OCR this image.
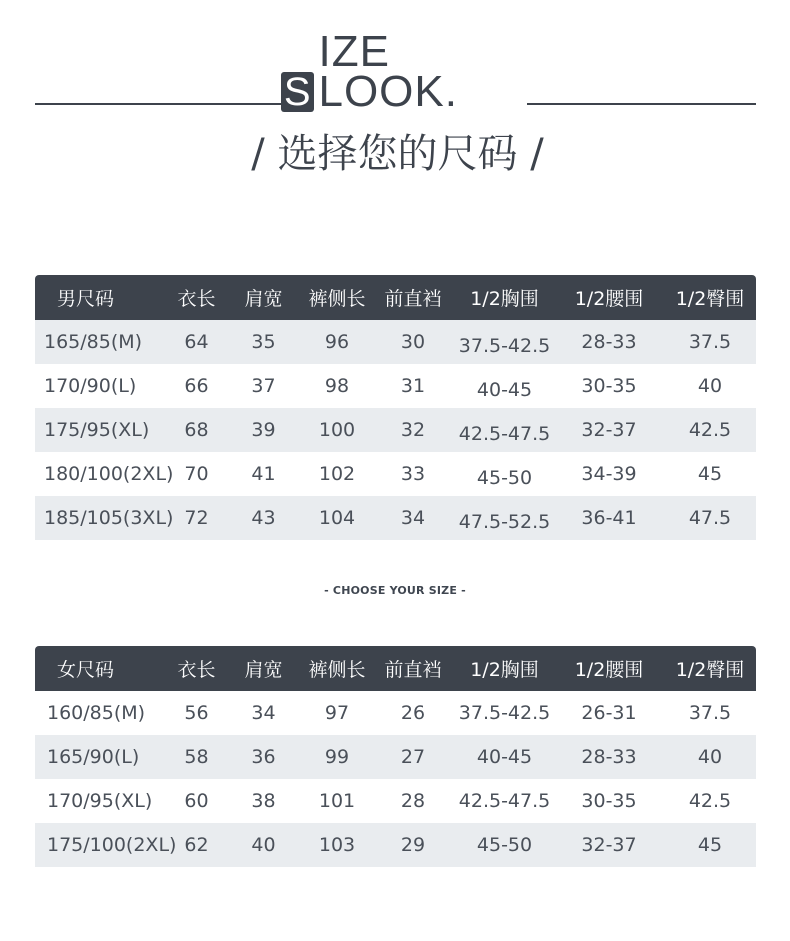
S
IZE LOOK.
/ 选择您的尺码 /
男尺码	衣长	肩宽	裤侧长	前直裆	1/2胸围	1/2腰围	1/2臀围
165/85(M)	64	35	96	30	37.5-42.5	28-33	37.5
170/90(L)	66	37	98	31	40-45	30-35	40
175/95(XL)	68	39	100	32	42.5-47.5	32-37	42.5
180/100(2XL)	70	41	102	33	45-50	34-39	45
185/105(3XL)	72	43	104	34	47.5-52.5	36-41	47.5
- CHOOSE YOUR SIZE -
女尺码	衣长	肩宽	裤侧长	前直裆	1/2胸围	1/2腰围	1/2臀围
160/85(M)	56	34	97	26	37.5-42.5	26-31	37.5
165/90(L)	58	36	99	27	40-45	28-33	40
170/95(XL)	60	38	101	28	42.5-47.5	30-35	42.5
175/100(2XL)	62	40	103	29	45-50	32-37	45
